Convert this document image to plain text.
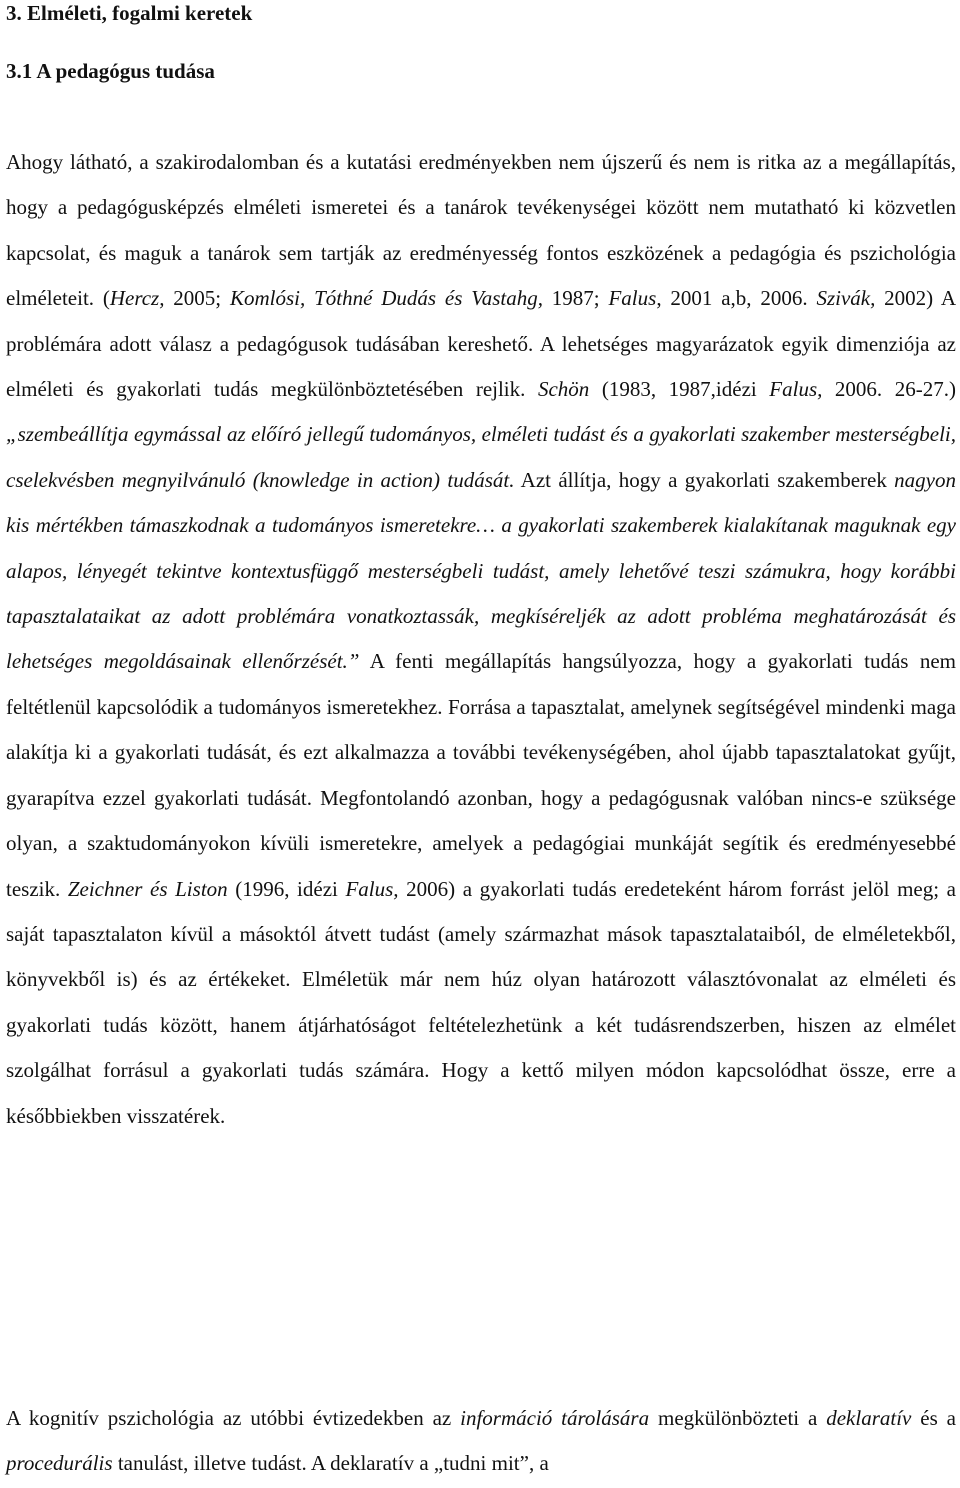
3. Elméleti, fogalmi keretek
3.1 A pedagógus tudása

Ahogy látható, a szakirodalomban és a kutatási eredményekben nem újszerű és nem is ritka az a megállapítás, hogy a pedagógusképzés elméleti ismeretei és a tanárok tevékenységei között nem mutatható ki közvetlen kapcsolat, és maguk a tanárok sem tartják az eredményesség fontos eszközének a pedagógia és pszichológia elméleteit. (Hercz, 2005; Komlósi, Tóthné Dudás és Vastahg, 1987; Falus, 2001 a,b, 2006. Szivák, 2002) A problémára adott válasz a pedagógusok tudásában kereshető. A lehetséges magyarázatok egyik dimenziója az elméleti és gyakorlati tudás megkülönböztetésében rejlik. Schön (1983, 1987,idézi Falus, 2006. 26-27.) „szembeállítja egymással az előíró jellegű tudományos, elméleti tudást és a gyakorlati szakember mesterségbeli, cselekvésben megnyilvánuló (knowledge in action) tudását. Azt állítja, hogy a gyakorlati szakemberek nagyon kis mértékben támaszkodnak a tudományos ismeretekre… a gyakorlati szakemberek kialakítanak maguknak egy alapos, lényegét tekintve kontextusfüggő mesterségbeli tudást, amely lehetővé teszi számukra, hogy korábbi tapasztalataikat az adott problémára vonatkoztassák, megkíséreljék az adott probléma meghatározását és lehetséges megoldásainak ellenőrzését.” A fenti megállapítás hangsúlyozza, hogy a gyakorlati tudás nem feltétlenül kapcsolódik a tudományos ismeretekhez. Forrása a tapasztalat, amelynek segítségével mindenki maga alakítja ki a gyakorlati tudását, és ezt alkalmazza a további tevékenységében, ahol újabb tapasztalatokat gyűjt, gyarapítva ezzel gyakorlati tudását. Megfontolandó azonban, hogy a pedagógusnak valóban nincs-e szüksége olyan, a szaktudományokon kívüli ismeretekre, amelyek a pedagógiai munkáját segítik és eredményesebbé teszik. Zeichner és Liston (1996, idézi Falus, 2006) a gyakorlati tudás eredeteként három forrást jelöl meg; a saját tapasztalaton kívül a másoktól átvett tudást (amely származhat mások tapasztalataiból, de elméletekből, könyvekből is) és az értékeket. Elméletük már nem húz olyan határozott választóvonalat az elméleti és gyakorlati tudás között, hanem átjárhatóságot feltételezhetünk a két tudásrendszerben, hiszen az elmélet szolgálhat forrásul a gyakorlati tudás számára. Hogy a kettő milyen módon kapcsolódhat össze, erre a későbbiekben visszatérek.

A kognitív pszichológia az utóbbi évtizedekben az információ tárolására megkülönbözteti a deklaratív és a procedurális tanulást, illetve tudást. A deklaratív a „tudni mit”, a
